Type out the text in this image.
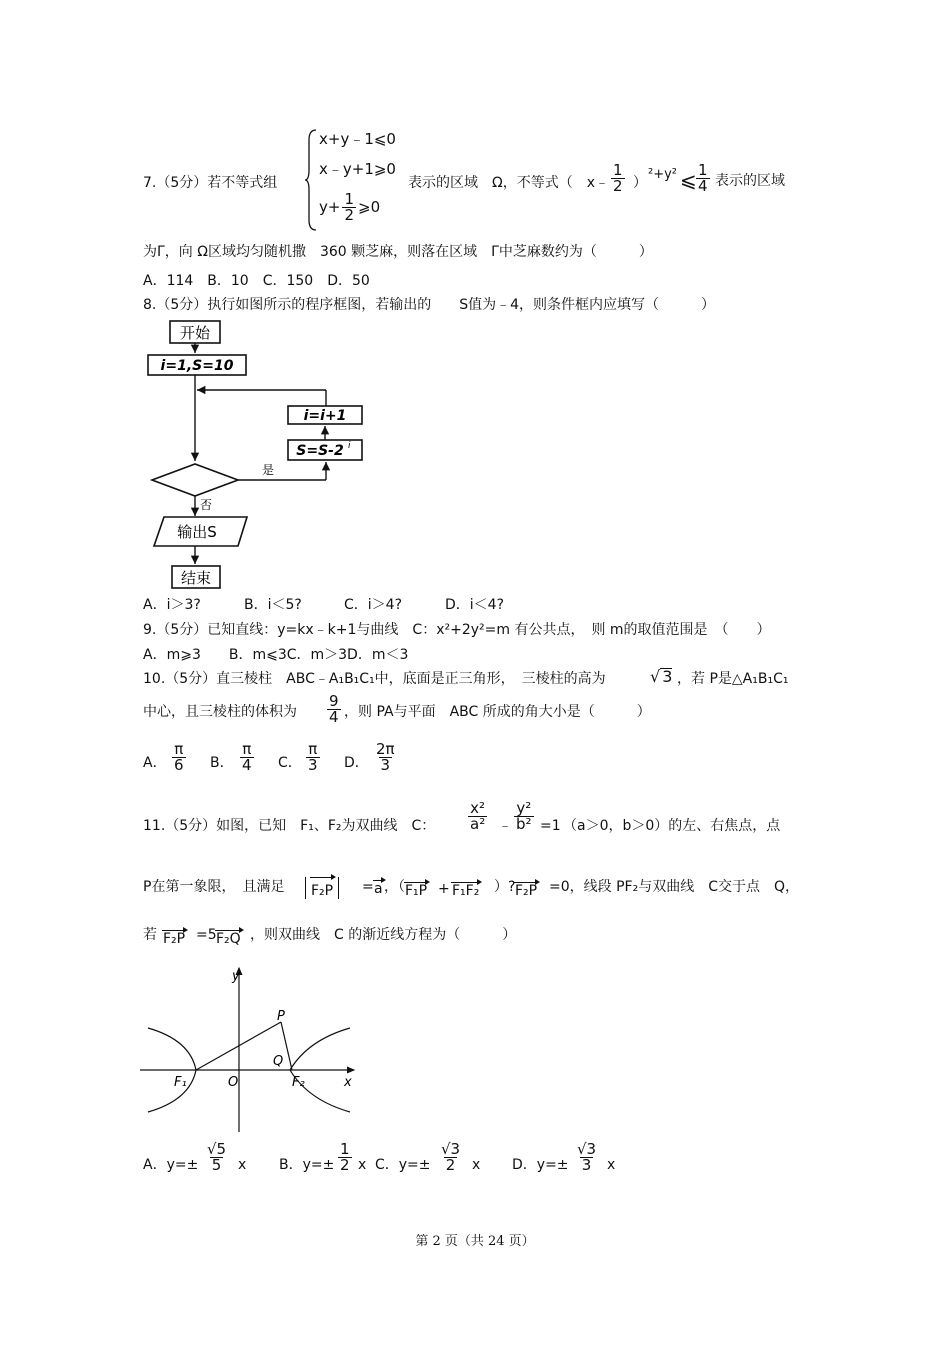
7.（5分）若不等式组
x+y﹣1⩽0
x﹣y+1⩾0
$y+ \frac{1}{2}$ ⩾0
表示的区域　Ω，不等式（　x﹣ $\frac{1}{2}$ ）
²+y² ⩽ $\frac{1}{4}$ 表示的区域
为Γ，向 Ω区域均匀随机撒　360 颗芝麻，则落在区域　Γ中芝麻数约为（　　　）
A．114　B．10　C．150　D．50
8.（5分）执行如图所示的程序框图，若输出的　　S值为﹣4，则条件框内应填写（　　　）
开始
i=1,S=10
i=i+1
S=S-2 i
是
否
输出S
结束
A．i＞3?	B．i＜5?	C．i＞4?	D．i＜4?
9.（5分）已知直线：y=kx﹣k+1与曲线　C：x²+2y²=m 有公共点，　则 m的取值范围是　（　　）
A．m⩾3　　B．m⩽3C．m＞3D．m＜3
10.（5分）直三棱柱　ABC﹣A₁B₁C₁中，底面是正三角形，　三棱柱的高为	√ 3 ，若 P是△A₁B₁C₁
中心，且三棱柱的体积为 $\frac{9}{4}$ ，则 PA与平面　ABC 所成的角大小是（　　　）
A． $\frac{\pi}{6}$ B． $\frac{\pi}{4}$ C． $\frac{\pi}{3}$ D． $\frac{2\pi}{3}$
11.（5分）如图，已知　F₁、F₂为双曲线　C： $\frac{\text{x²}}{\text{a²}}$ ﹣ $\frac{\text{y²}}{\text{b²}} =1$ （a＞0，b＞0）的左、右焦点，点
P在第一象限，　且满足	F₂P	= a ，（ F₁P + F₁F₂ ）? F₂P =0，线段 PF₂与双曲线　C交于点　Q，
若 F₂P =5 F₂Q ，则双曲线　C 的渐近线方程为（　　　）
y
x
P
Q
O
F₁	F₂
A．$y=\pm \frac{√5}{5}$ x B．$y=\pm \frac{1}{2}$ x C．$y=\pm \frac{√3}{2}$ x D．$y=\pm \frac{√3}{3}$ x
第 2 页（共 24 页）
